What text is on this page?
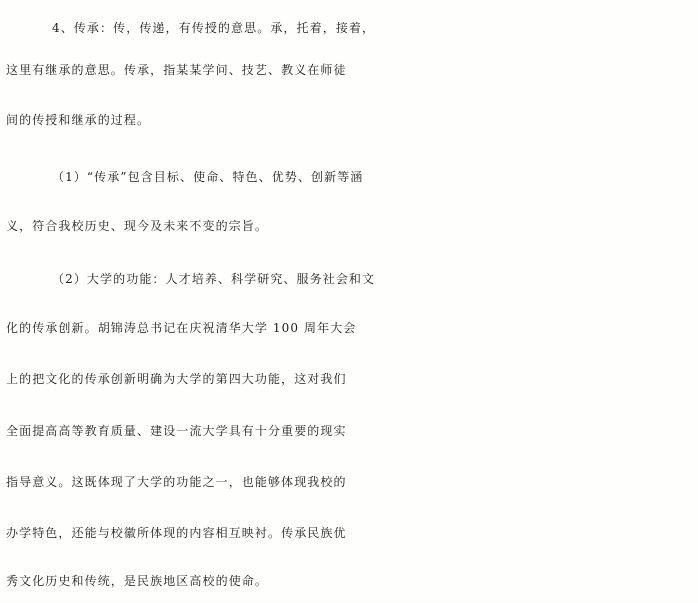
4、传承：传，传递，有传授的意思。承，托着，接着，
这里有继承的意思。传承，指某某学问、技艺、教义在师徒
间的传授和继承的过程。
（1）“传承”包含目标、使命、特色、优势、创新等涵
义，符合我校历史、现今及未来不变的宗旨。
（2）大学的功能：人才培养、科学研究、服务社会和文
化的传承创新。胡锦涛总书记在庆祝清华大学 100 周年大会
上的把文化的传承创新明确为大学的第四大功能，这对我们
全面提高高等教育质量、建设一流大学具有十分重要的现实
指导意义。这既体现了大学的功能之一，也能够体现我校的
办学特色，还能与校徽所体现的内容相互映衬。传承民族优
秀文化历史和传统，是民族地区高校的使命。
